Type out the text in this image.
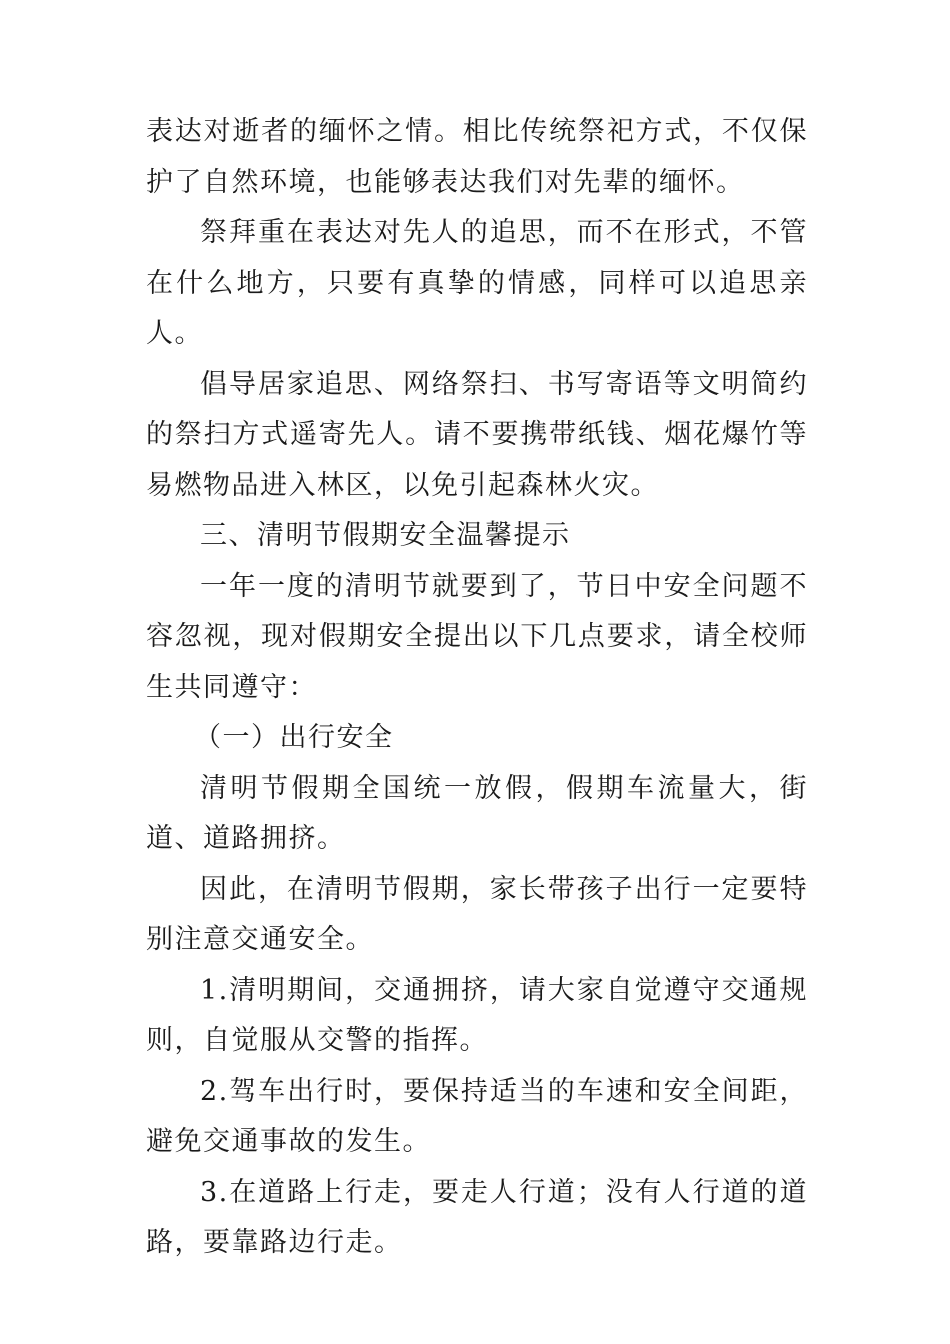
表达对逝者的缅怀之情。相比传统祭祀方式，不仅保护了自然环境，也能够表达我们对先辈的缅怀。

祭拜重在表达对先人的追思，而不在形式，不管在什么地方，只要有真挚的情感，同样可以追思亲人。

倡导居家追思、网络祭扫、书写寄语等文明简约的祭扫方式遥寄先人。请不要携带纸钱、烟花爆竹等易燃物品进入林区，以免引起森林火灾。

三、清明节假期安全温馨提示

一年一度的清明节就要到了，节日中安全问题不容忽视，现对假期安全提出以下几点要求，请全校师生共同遵守：

（一）出行安全

清明节假期全国统一放假，假期车流量大，街道、道路拥挤。

因此，在清明节假期，家长带孩子出行一定要特别注意交通安全。

1.清明期间，交通拥挤，请大家自觉遵守交通规则，自觉服从交警的指挥。

2.驾车出行时，要保持适当的车速和安全间距，避免交通事故的发生。

3.在道路上行走，要走人行道；没有人行道的道路，要靠路边行走。
